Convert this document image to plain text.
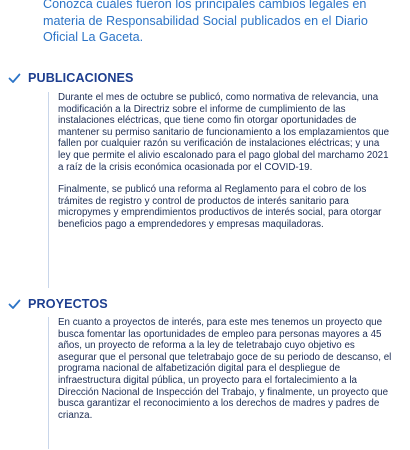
Conozca cuáles fueron los principales cambios legales en materia de Responsabilidad Social publicados en el Diario Oficial La Gaceta.

PUBLICACIONES

Durante el mes de octubre se publicó, como normativa de relevancia, una modificación a la Directriz sobre el informe de cumplimiento de las instalaciones eléctricas, que tiene como fin otorgar oportunidades de mantener su permiso sanitario de funcionamiento a los emplazamientos que fallen por cualquier razón su verificación de instalaciones eléctricas; y una ley que permite el alivio escalonado para el pago global del marchamo 2021 a raíz de la crisis económica ocasionada por el COVID-19.

Finalmente, se publicó una reforma al Reglamento para el cobro de los trámites de registro y control de productos de interés sanitario para micropymes y emprendimientos productivos de interés social, para otorgar beneficios pago a emprendedores y empresas maquiladoras.

PROYECTOS

En cuanto a proyectos de interés, para este mes tenemos un proyecto que busca fomentar las oportunidades de empleo para personas mayores a 45 años, un proyecto de reforma a la ley de teletrabajo cuyo objetivo es asegurar que el personal que teletrabajo goce de su periodo de descanso, el programa nacional de alfabetización digital para el despliegue de infraestructura digital pública, un proyecto para el fortalecimiento a la Dirección Nacional de Inspección del Trabajo, y finalmente, un proyecto que busca garantizar el reconocimiento a los derechos de madres y padres de crianza.
